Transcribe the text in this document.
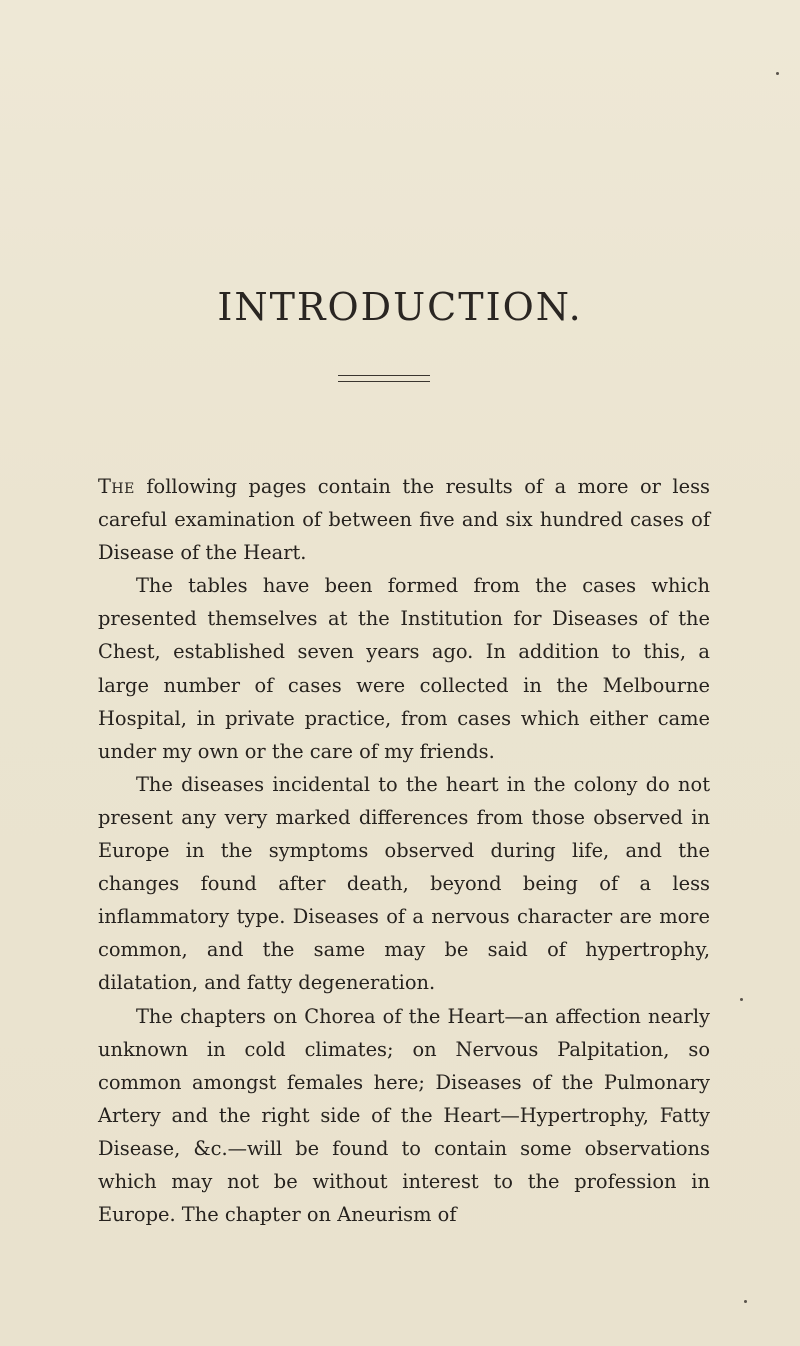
INTRODUCTION.

The following pages contain the results of a more or less careful examination of between five and six hundred cases of Disease of the Heart.

The tables have been formed from the cases which presented themselves at the Institution for Diseases of the Chest, established seven years ago. In addition to this, a large number of cases were collected in the Melbourne Hospital, in private practice, from cases which either came under my own or the care of my friends.

The diseases incidental to the heart in the colony do not present any very marked differences from those observed in Europe in the symptoms observed during life, and the changes found after death, beyond being of a less inflammatory type. Diseases of a nervous character are more common, and the same may be said of hypertrophy, dilatation, and fatty degeneration.

The chapters on Chorea of the Heart—an affection nearly unknown in cold climates; on Nervous Palpitation, so common amongst females here; Diseases of the Pulmonary Artery and the right side of the Heart—Hypertrophy, Fatty Disease, &c.—will be found to contain some observations which may not be without interest to the profession in Europe. The chapter on Aneurism of
